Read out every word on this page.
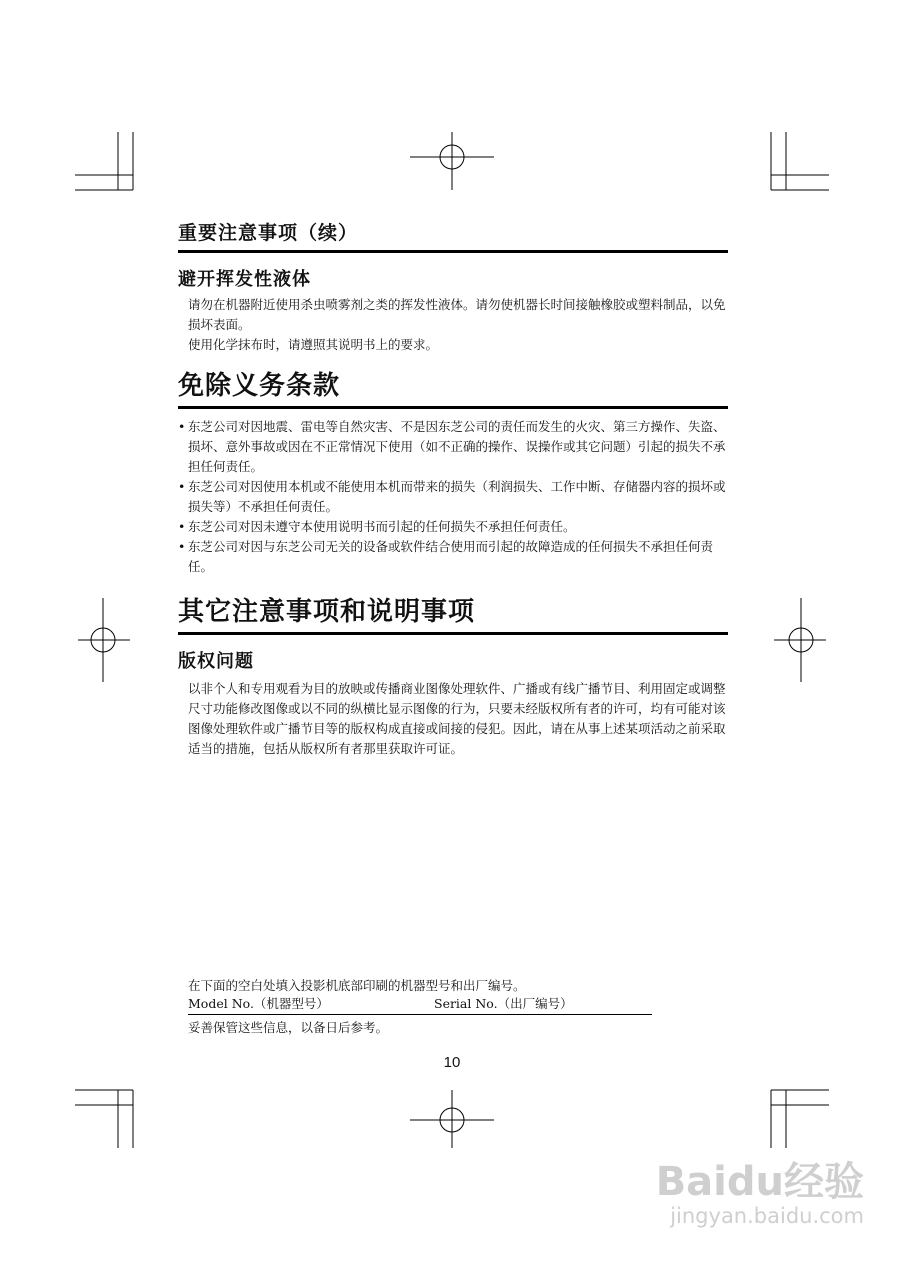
重要注意事项（续）
避开挥发性液体

请勿在机器附近使用杀虫喷雾剂之类的挥发性液体。请勿使机器长时间接触橡胶或塑料制品，以免损坏表面。

使用化学抹布时，请遵照其说明书上的要求。

免除义务条款
• 东芝公司对因地震、雷电等自然灾害、不是因东芝公司的责任而发生的火灾、第三方操作、失盗、损坏、意外事故或因在不正常情况下使用（如不正确的操作、误操作或其它问题）引起的损失不承担任何责任。
• 东芝公司对因使用本机或不能使用本机而带来的损失（利润损失、工作中断、存储器内容的损坏或损失等）不承担任何责任。
• 东芝公司对因未遵守本使用说明书而引起的任何损失不承担任何责任。
• 东芝公司对因与东芝公司无关的设备或软件结合使用而引起的故障造成的任何损失不承担任何责任。
其它注意事项和说明事项
版权问题

以非个人和专用观看为目的放映或传播商业图像处理软件、广播或有线广播节目、利用固定或调整尺寸功能修改图像或以不同的纵横比显示图像的行为，只要未经版权所有者的许可，均有可能对该图像处理软件或广播节目等的版权构成直接或间接的侵犯。因此，请在从事上述某项活动之前采取适当的措施，包括从版权所有者那里获取许可证。

在下面的空白处填入投影机底部印刷的机器型号和出厂编号。
Model No.（机器型号）	Serial No.（出厂编号）
妥善保管这些信息，以备日后参考。
10
Baidu经验
jingyan.baidu.com
